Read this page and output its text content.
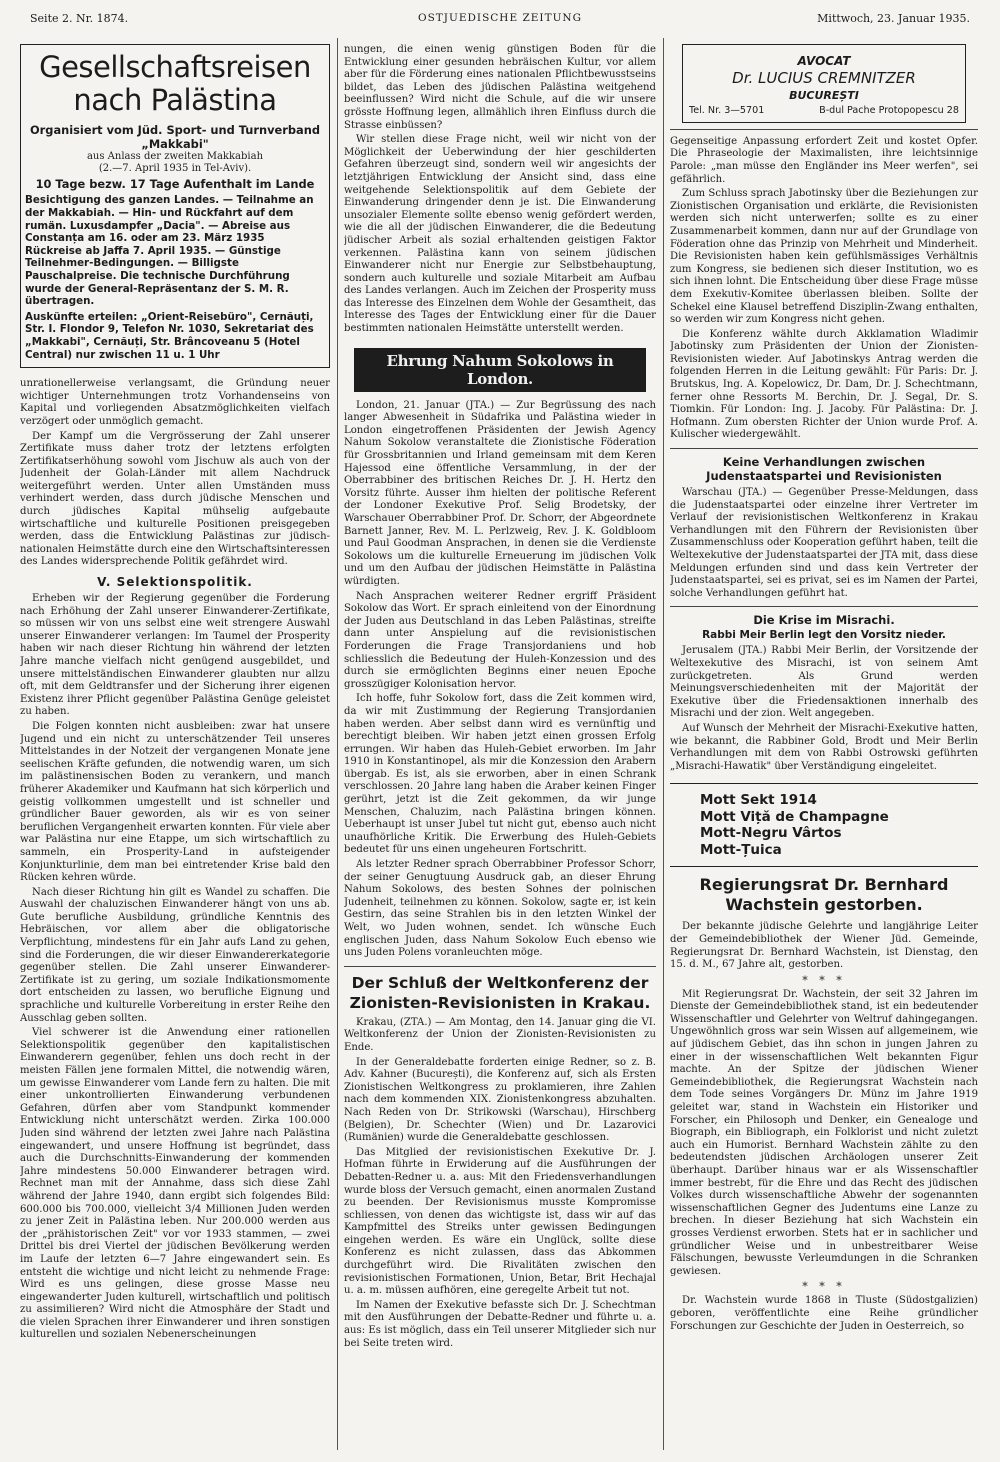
Seite 2. Nr. 1874.	OSTJUEDISCHE ZEITUNG	Mittwoch, 23. Januar 1935.
Gesellschaftsreisen nach Palästina

Organisiert vom Jüd. Sport- und Turnverband „Makkabi"

aus Anlass der zweiten Makkabiah

(2.—7. April 1935 in Tel-Aviv).

10 Tage bezw. 17 Tage Aufenthalt im Lande

Besichtigung des ganzen Landes. — Teilnahme an der Makkabiah. — Hin- und Rückfahrt auf dem rumän. Luxusdampfer „Dacia". — Abreise aus Constanța am 16. oder am 23. März 1935 Rückreise ab Jaffa 7. April 1935. — Günstige Teilnehmer-Bedingungen. — Billigste Pauschalpreise. Die technische Durchführung wurde der General-Repräsentanz der S. M. R. übertragen.

Auskünfte erteilen: „Orient-Reisebüro", Cernăuți, Str. I. Flondor 9, Telefon Nr. 1030, Sekretariat des „Makkabi", Cernăuți, Str. Brâncoveanu 5 (Hotel Central) nur zwischen 11 u. 1 Uhr

unrationellerweise verlangsamt, die Gründung neuer wichtiger Unternehmungen trotz Vorhandenseins von Kapital und vorliegenden Absatzmöglichkeiten vielfach verzögert oder unmöglich gemacht.

Der Kampf um die Vergrösserung der Zahl unserer Zertifikate muss daher trotz der letztens erfolgten Zertifikatserhöhung sowohl vom Jischuw als auch von der Judenheit der Golah-Länder mit allem Nachdruck weitergeführt werden. Unter allen Umständen muss verhindert werden, dass durch jüdische Menschen und durch jüdisches Kapital mühselig aufgebaute wirtschaftliche und kulturelle Positionen preisgegeben werden, dass die Entwicklung Palästinas zur jüdisch-nationalen Heimstätte durch eine den Wirtschaftsinteressen des Landes widersprechende Politik gefährdet wird.

V. Selektionspolitik.

Erheben wir der Regierung gegenüber die Forderung nach Erhöhung der Zahl unserer Einwanderer-Zertifikate, so müssen wir von uns selbst eine weit strengere Auswahl unserer Einwanderer verlangen: Im Taumel der Prosperity haben wir nach dieser Richtung hin während der letzten Jahre manche vielfach nicht genügend ausgebildet, und unsere mittelständischen Einwanderer glaubten nur allzu oft, mit dem Geldtransfer und der Sicherung ihrer eigenen Existenz ihrer Pflicht gegenüber Palästina Genüge geleistet zu haben.

Die Folgen konnten nicht ausbleiben: zwar hat unsere Jugend und ein nicht zu unterschätzender Teil unseres Mittelstandes in der Notzeit der vergangenen Monate jene seelischen Kräfte gefunden, die notwendig waren, um sich im palästinensischen Boden zu verankern, und manch früherer Akademiker und Kaufmann hat sich körperlich und geistig vollkommen umgestellt und ist schneller und gründlicher Bauer geworden, als wir es von seiner beruflichen Vergangenheit erwarten konnten. Für viele aber war Palästina nur eine Etappe, um sich wirtschaftlich zu sammeln, ein Prosperity-Land in aufsteigender Konjunkturlinie, dem man bei eintretender Krise bald den Rücken kehren würde.

Nach dieser Richtung hin gilt es Wandel zu schaffen. Die Auswahl der chaluzischen Einwanderer hängt von uns ab. Gute berufliche Ausbildung, gründliche Kenntnis des Hebräischen, vor allem aber die obligatorische Verpflichtung, mindestens für ein Jahr aufs Land zu gehen, sind die Forderungen, die wir dieser Einwandererkategorie gegenüber stellen. Die Zahl unserer Einwanderer-Zertifikate ist zu gering, um soziale Indikationsmomente dort entscheiden zu lassen, wo berufliche Eignung und sprachliche und kulturelle Vorbereitung in erster Reihe den Ausschlag geben sollten.

Viel schwerer ist die Anwendung einer rationellen Selektionspolitik gegenüber den kapitalistischen Einwanderern gegenüber, fehlen uns doch recht in der meisten Fällen jene formalen Mittel, die notwendig wären, um gewisse Einwanderer vom Lande fern zu halten. Die mit einer unkontrollierten Einwanderung verbundenen Gefahren, dürfen aber vom Standpunkt kommender Entwicklung nicht unterschätzt werden. Zirka 100.000 Juden sind während der letzten zwei Jahre nach Palästina eingewandert, und unsere Hoffnung ist begründet, dass auch die Durchschnitts-Einwanderung der kommenden Jahre mindestens 50.000 Einwanderer betragen wird. Rechnet man mit der Annahme, dass sich diese Zahl während der Jahre 1940, dann ergibt sich folgendes Bild: 600.000 bis 700.000, vielleicht 3/4 Millionen Juden werden zu jener Zeit in Palästina leben. Nur 200.000 werden aus der „prähistorischen Zeit" vor vor 1933 stammen, — zwei Drittel bis drei Viertel der jüdischen Bevölkerung werden im Laufe der letzten 6—7 Jahre eingewandert sein. Es entsteht die wichtige und nicht leicht zu nehmende Frage: Wird es uns gelingen, diese grosse Masse neu eingewanderter Juden kulturell, wirtschaftlich und politisch zu assimilieren? Wird nicht die Atmosphäre der Stadt und die vielen Sprachen ihrer Einwanderer und ihren sonstigen kulturellen und sozialen Nebenerscheinungen

nungen, die einen wenig günstigen Boden für die Entwicklung einer gesunden hebräischen Kultur, vor allem aber für die Förderung eines nationalen Pflichtbewusstseins bildet, das Leben des jüdischen Palästina weitgehend beeinflussen? Wird nicht die Schule, auf die wir unsere grösste Hoffnung legen, allmählich ihren Einfluss durch die Strasse einbüssen?

Wir stellen diese Frage nicht, weil wir nicht von der Möglichkeit der Ueberwindung der hier geschilderten Gefahren überzeugt sind, sondern weil wir angesichts der letztjährigen Entwicklung der Ansicht sind, dass eine weitgehende Selektionspolitik auf dem Gebiete der Einwanderung dringender denn je ist. Die Einwanderung unsozialer Elemente sollte ebenso wenig gefördert werden, wie die all der jüdischen Einwanderer, die die Bedeutung jüdischer Arbeit als sozial erhaltenden geistigen Faktor verkennen. Palästina kann von seinem jüdischen Einwanderer nicht nur Energie zur Selbstbehauptung, sondern auch kulturelle und soziale Mitarbeit am Aufbau des Landes verlangen. Auch im Zeichen der Prosperity muss das Interesse des Einzelnen dem Wohle der Gesamtheit, das Interesse des Tages der Entwicklung einer für die Dauer bestimmten nationalen Heimstätte unterstellt werden.

Ehrung Nahum Sokolows in London.

London, 21. Januar (JTA.) — Zur Begrüssung des nach langer Abwesenheit in Südafrika und Palästina wieder in London eingetroffenen Präsidenten der Jewish Agency Nahum Sokolow veranstaltete die Zionistische Föderation für Grossbritannien und Irland gemeinsam mit dem Keren Hajessod eine öffentliche Versammlung, in der der Oberrabbiner des britischen Reiches Dr. J. H. Hertz den Vorsitz führte. Ausser ihm hielten der politische Referent der Londoner Exekutive Prof. Selig Brodetsky, der Warschauer Oberrabbiner Prof. Dr. Schorr, der Abgeordnete Barnett Janner, Rev. M. L. Perlzweig, Rev. J. K. Goldbloom und Paul Goodman Ansprachen, in denen sie die Verdienste Sokolows um die kulturelle Erneuerung im jüdischen Volk und um den Aufbau der jüdischen Heimstätte in Palästina würdigten.

Nach Ansprachen weiterer Redner ergriff Präsident Sokolow das Wort. Er sprach einleitend von der Einordnung der Juden aus Deutschland in das Leben Palästinas, streifte dann unter Anspielung auf die revisionistischen Forderungen die Frage Transjordaniens und hob schliesslich die Bedeutung der Huleh-Konzession und des durch sie ermöglichten Beginns einer neuen Epoche grosszügiger Kolonisation hervor.

Ich hoffe, fuhr Sokolow fort, dass die Zeit kommen wird, da wir mit Zustimmung der Regierung Transjordanien haben werden. Aber selbst dann wird es vernünftig und berechtigt bleiben. Wir haben jetzt einen grossen Erfolg errungen. Wir haben das Huleh-Gebiet erworben. Im Jahr 1910 in Konstantinopel, als mir die Konzession den Arabern übergab. Es ist, als sie erworben, aber in einen Schrank verschlossen. 20 Jahre lang haben die Araber keinen Finger gerührt, jetzt ist die Zeit gekommen, da wir junge Menschen, Chaluzim, nach Palästina bringen können. Ueberhaupt ist unser Jubel tut nicht gut, ebenso auch nicht unaufhörliche Kritik. Die Erwerbung des Huleh-Gebiets bedeutet für uns einen ungeheuren Fortschritt.

Als letzter Redner sprach Oberrabbiner Professor Schorr, der seiner Genugtuung Ausdruck gab, an dieser Ehrung Nahum Sokolows, des besten Sohnes der polnischen Judenheit, teilnehmen zu können. Sokolow, sagte er, ist kein Gestirn, das seine Strahlen bis in den letzten Winkel der Welt, wo Juden wohnen, sendet. Ich wünsche Euch englischen Juden, dass Nahum Sokolow Euch ebenso wie uns Juden Polens voranleuchten möge.

Der Schluß der Weltkonferenz der Zionisten-Revisionisten in Krakau.

Krakau, (ZTA.) — Am Montag, den 14. Januar ging die VI. Weltkonferenz der Union der Zionisten-Revisionisten zu Ende.

In der Generaldebatte forderten einige Redner, so z. B. Adv. Kahner (București), die Konferenz auf, sich als Ersten Zionistischen Weltkongress zu proklamieren, ihre Zahlen nach dem kommenden XIX. Zionistenkongress abzuhalten. Nach Reden von Dr. Strikowski (Warschau), Hirschberg (Belgien), Dr. Schechter (Wien) und Dr. Lazarovici (Rumänien) wurde die Generaldebatte geschlossen.

Das Mitglied der revisionistischen Exekutive Dr. J. Hofman führte in Erwiderung auf die Ausführungen der Debatten-Redner u. a. aus: Mit den Friedensverhandlungen wurde bloss der Versuch gemacht, einen anormalen Zustand zu beenden. Der Revisionismus musste Kompromisse schliessen, von denen das wichtigste ist, dass wir auf das Kampfmittel des Streiks unter gewissen Bedingungen eingehen werden. Es wäre ein Unglück, sollte diese Konferenz es nicht zulassen, dass das Abkommen durchgeführt wird. Die Rivalitäten zwischen den revisionistischen Formationen, Union, Betar, Brit Hechajal u. a. m. müssen aufhören, eine geregelte Arbeit tut not.

Im Namen der Exekutive befasste sich Dr. J. Schechtman mit den Ausführungen der Debatte-Redner und führte u. a. aus: Es ist möglich, dass ein Teil unserer Mitglieder sich nur bei Seite treten wird.

AVOCAT

Dr. LUCIUS CREMNITZER

BUCUREȘTI

Tel. Nr. 3—5701	B-dul Pache Protopopescu 28

Gegenseitige Anpassung erfordert Zeit und kostet Opfer. Die Phraseologie der Maximalisten, ihre leichtsinnige Parole: „man müsse den Engländer ins Meer werfen", sei gefährlich.

Zum Schluss sprach Jabotinsky über die Beziehungen zur Zionistischen Organisation und erklärte, die Revisionisten werden sich nicht unterwerfen; sollte es zu einer Zusammenarbeit kommen, dann nur auf der Grundlage von Föderation ohne das Prinzip von Mehrheit und Minderheit. Die Revisionisten haben kein gefühlsmässiges Verhältnis zum Kongress, sie bedienen sich dieser Institution, wo es sich ihnen lohnt. Die Entscheidung über diese Frage müsse dem Exekutiv-Komitee überlassen bleiben. Sollte der Schekel eine Klausel betreffend Disziplin-Zwang enthalten, so werden wir zum Kongress nicht gehen.

Die Konferenz wählte durch Akklamation Wladimir Jabotinsky zum Präsidenten der Union der Zionisten-Revisionisten wieder. Auf Jabotinskys Antrag werden die folgenden Herren in die Leitung gewählt: Für Paris: Dr. J. Brutskus, Ing. A. Kopelowicz, Dr. Dam, Dr. J. Schechtmann, ferner ohne Ressorts M. Berchin, Dr. J. Segal, Dr. S. Tiomkin. Für London: Ing. J. Jacoby. Für Palästina: Dr. J. Hofmann. Zum obersten Richter der Union wurde Prof. A. Kulischer wiedergewählt.

Keine Verhandlungen zwischen Judenstaatspartei und Revisionisten

Warschau (JTA.) — Gegenüber Presse-Meldungen, dass die Judenstaatspartei oder einzelne ihrer Vertreter im Verlauf der revisionistischen Weltkonferenz in Krakau Verhandlungen mit den Führern der Revisionisten über Zusammenschluss oder Kooperation geführt haben, teilt die Weltexekutive der Judenstaatspartei der JTA mit, dass diese Meldungen erfunden sind und dass kein Vertreter der Judenstaatspartei, sei es privat, sei es im Namen der Partei, solche Verhandlungen geführt hat.

Die Krise im Misrachi.
Rabbi Meir Berlin legt den Vorsitz nieder.

Jerusalem (JTA.) Rabbi Meir Berlin, der Vorsitzende der Weltexekutive des Misrachi, ist von seinem Amt zurückgetreten. Als Grund werden Meinungsverschiedenheiten mit der Majorität der Exekutive über die Friedensaktionen innerhalb des Misrachi und der zion. Welt angegeben.

Auf Wunsch der Mehrheit der Misrachi-Exekutive hatten, wie bekannt, die Rabbiner Gold, Brodt und Meir Berlin Verhandlungen mit dem von Rabbi Ostrowski geführten „Misrachi-Hawatik" über Verständigung eingeleitet.

Mott Sekt 1914
Mott Viță de Champagne
Mott-Negru Vârtos
Mott-Țuica
Regierungsrat Dr. Bernhard Wachstein gestorben.

Der bekannte jüdische Gelehrte und langjährige Leiter der Gemeindebibliothek der Wiener Jüd. Gemeinde, Regierungsrat Dr. Bernhard Wachstein, ist Dienstag, den 15. d. M., 67 Jahre alt, gestorben.

* * *

Mit Regierungsrat Dr. Wachstein, der seit 32 Jahren im Dienste der Gemeindebibliothek stand, ist ein bedeutender Wissenschaftler und Gelehrter von Weltruf dahingegangen. Ungewöhnlich gross war sein Wissen auf allgemeinem, wie auf jüdischem Gebiet, das ihn schon in jungen Jahren zu einer in der wissenschaftlichen Welt bekannten Figur machte. An der Spitze der jüdischen Wiener Gemeindebibliothek, die Regierungsrat Wachstein nach dem Tode seines Vorgängers Dr. Münz im Jahre 1919 geleitet war, stand in Wachstein ein Historiker und Forscher, ein Philosoph und Denker, ein Genealoge und Biograph, ein Bibliograph, ein Folklorist und nicht zuletzt auch ein Humorist. Bernhard Wachstein zählte zu den bedeutendsten jüdischen Archäologen unserer Zeit überhaupt. Darüber hinaus war er als Wissenschaftler immer bestrebt, für die Ehre und das Recht des jüdischen Volkes durch wissenschaftliche Abwehr der sogenannten wissenschaftlichen Gegner des Judentums eine Lanze zu brechen. In dieser Beziehung hat sich Wachstein ein grosses Verdienst erworben. Stets hat er in sachlicher und gründlicher Weise und in unbestreitbarer Weise Fälschungen, bewusste Verleumdungen in die Schranken gewiesen.

* * *

Dr. Wachstein wurde 1868 in Tluste (Südostgalizien) geboren, veröffentlichte eine Reihe gründlicher Forschungen zur Geschichte der Juden in Oesterreich, so
